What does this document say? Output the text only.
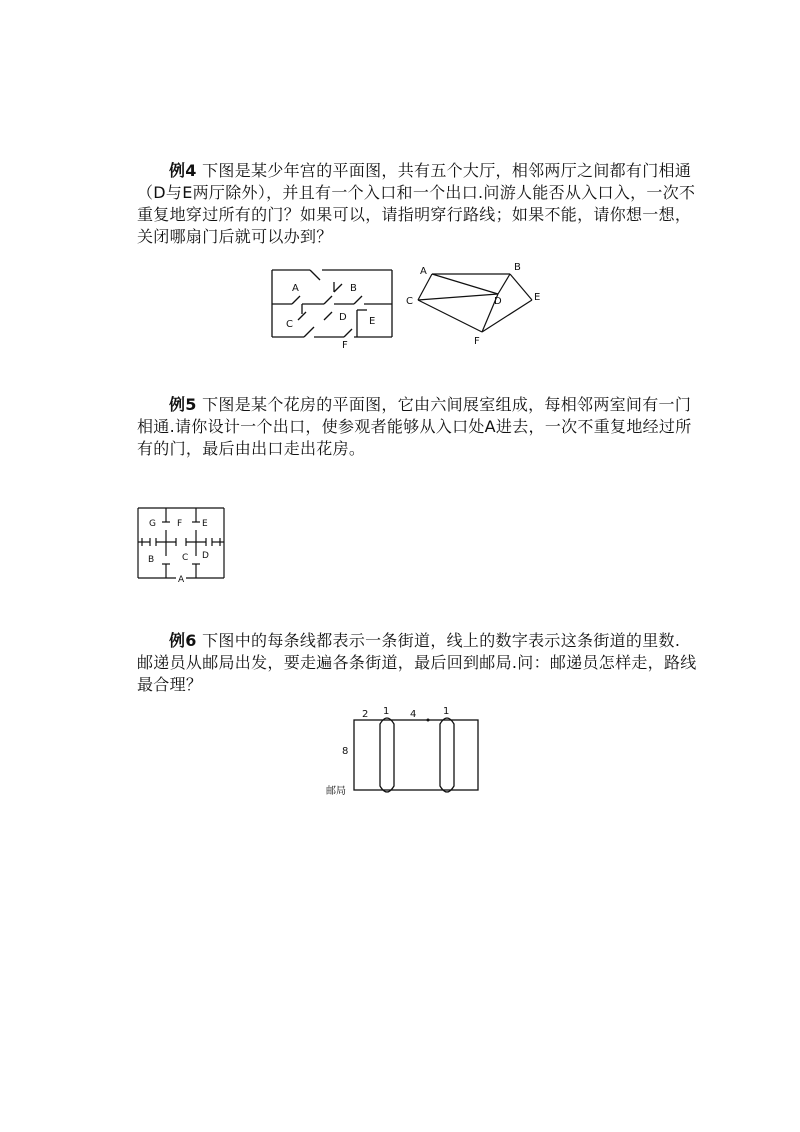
例4 下图是某少年宫的平面图，共有五个大厅，相邻两厅之间都有门相通
（D与E两厅除外），并且有一个入口和一个出口.问游人能否从入口入，一次不
重复地穿过所有的门？如果可以，请指明穿行路线；如果不能，请你想一想，
关闭哪扇门后就可以办到？
A	B
C
D E
F
A	B
C	D	E
F
例5 下图是某个花房的平面图，它由六间展室组成，每相邻两室间有一门
相通.请你设计一个出口，使参观者能够从入口处A进去，一次不重复地经过所
有的门，最后由出口走出花房。
G F E
B	C D
A
例6 下图中的每条线都表示一条街道，线上的数字表示这条街道的里数.
邮递员从邮局出发，要走遍各条街道，最后回到邮局.问：邮递员怎样走，路线
最合理？
2 1 4	1
8
邮局
